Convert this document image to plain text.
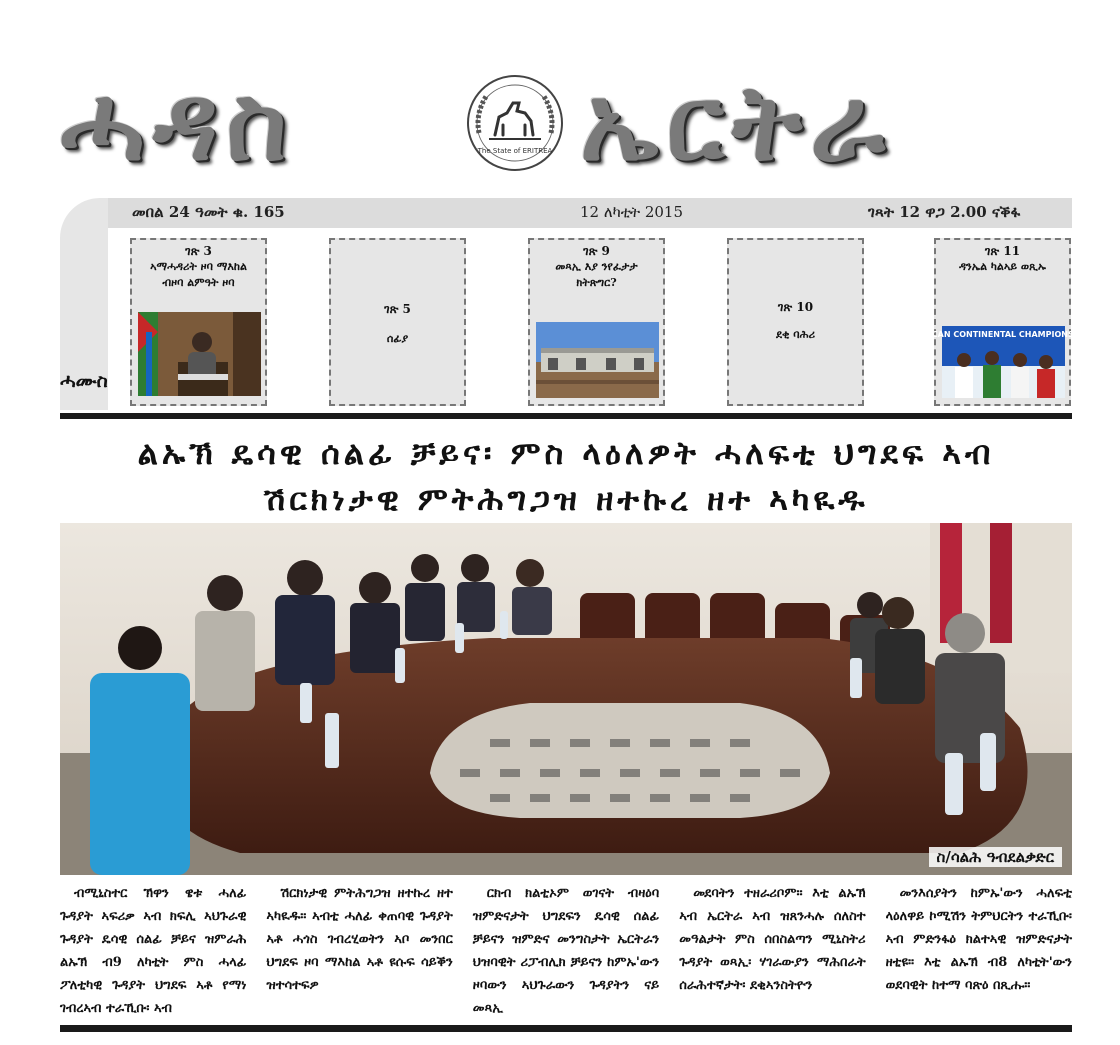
ሓዳስ	The State of ERITREA ኤርትራ
መበል 24 ዓመት ቁ. 165	12 ለካቲት 2015	ገጻት 12 ዋጋ 2.00 ናቕፋ
ሓሙስ
ገጽ 3
ኣማሓዳሪት ዞባ ማእከል ብዞባ ልምዓት ዞባ
ገጽ 5
ሰፊያ
ገጽ 9
መጻኢ እያ ንየፈታታ ክትጽግር?
ገጽ 10
ደቂ ባሕሪ
ገጽ 11
ዳንኤል ካልኣይ ወጺኡ
AFRICAN CONTINENTAL CHAMPIONSHIPS
ልኡኽ ዴሳዊ ሰልፊ ቻይና፡ ምስ ላዕለዎት ሓለፍቲ ህግደፍ ኣብ
ሽርክነታዊ ምትሕግጋዝ ዘተኩረ ዘተ ኣካዪዱ
ስ/ሳልሕ ዓብደልቃድር

ብሚኒስተር ኽዋን ዌቱ ሓለፊ ጉዳያት ኣፍሪቃ ኣብ ክፍሊ ኣህጉራዊ ጉዳያት ዴሳዊ ሰልፊ ቻይና ዝምራሕ ልኡኽ ብ9 ለካቲት ምስ ሓላፊ ፖለቲካዊ ጉዳያት ህግደፍ ኣቶ የማነ ገብረኣብ ተራኺቡ፡ ኣብ

ሽርክነታዊ ምትሕግጋዝ ዘተኩረ ዘተ ኣካዪዱ። ኣብቲ ሓለፊ ቀጠባዊ ጉዳያት ኣቶ ሓጎስ ገብረሂወትን ኣቦ መንበር ህግደፍ ዞባ ማእከል ኣቶ ዩሱፍ ሳይቕን ዝተሳተፍዎ

ርክብ ክልቲኦም ወገናት ብዛዕባ ዝምድናታት ህግደፍን ዴሳዊ ሰልፊ ቻይናን ዝምድና መንግስታት ኤርትራን ህዝባዊት ሪፓብሊክ ቻይናን ከምኡ'ውን ዞባውን ኣህጉራውን ጉዳያትን ናይ መጻኢ

መደባትን ተዘራሪቦም። እቲ ልኡኽ ኣብ ኤርትራ ኣብ ዝጸንሓሉ ሰለስተ መዓልታት ምስ ሰበስልጣን ሚኒስትሪ ጉዳያት ወጻኢ፡ ሃገራውያን ማሕበራት ሰራሕተኛታት፡ ደቂኣንስትዮን

መንእሰያትን ከምኡ'ውን ሓለፍቲ ላዕለዋይ ኮሚሽን ትምህርትን ተራኺቡ፡ ኣብ ምድንፋዕ ክልተኣዊ ዝምድናታት ዘቲዩ። እቲ ልኡኽ ብ8 ለካቲት'ውን ወደባዊት ከተማ ባጽዕ በጺሑ።
